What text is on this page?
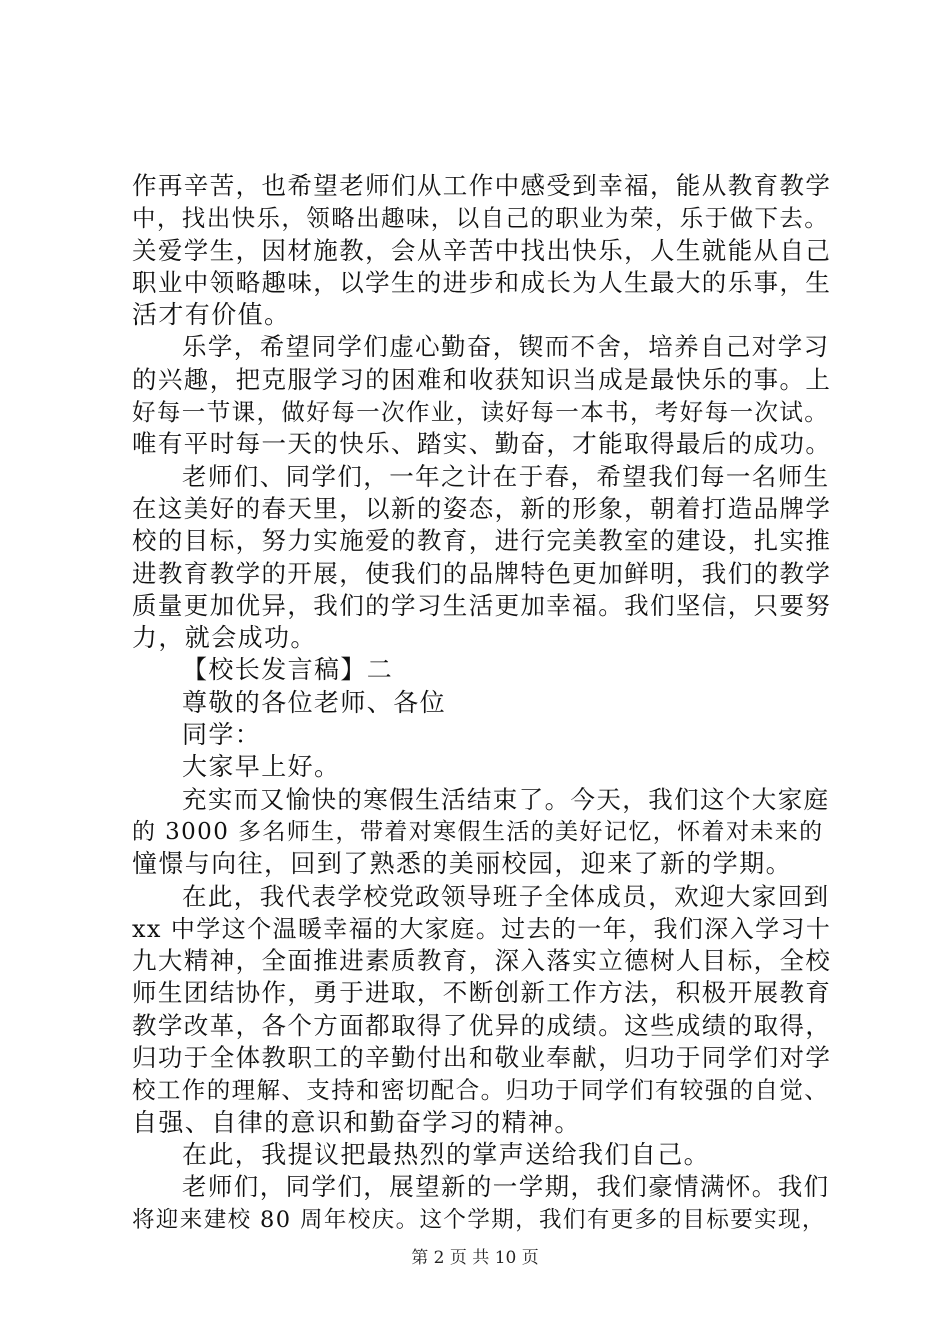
作再辛苦，也希望老师们从工作中感受到幸福，能从教育教学
中，找出快乐，领略出趣味，以自己的职业为荣，乐于做下去。
关爱学生，因材施教，会从辛苦中找出快乐，人生就能从自己
职业中领略趣味，以学生的进步和成长为人生最大的乐事，生
活才有价值。
乐学，希望同学们虚心勤奋，锲而不舍，培养自己对学习
的兴趣，把克服学习的困难和收获知识当成是最快乐的事。上
好每一节课，做好每一次作业，读好每一本书，考好每一次试。
唯有平时每一天的快乐、踏实、勤奋，才能取得最后的成功。
老师们、同学们，一年之计在于春，希望我们每一名师生
在这美好的春天里，以新的姿态，新的形象，朝着打造品牌学
校的目标，努力实施爱的教育，进行完美教室的建设，扎实推
进教育教学的开展，使我们的品牌特色更加鲜明，我们的教学
质量更加优异，我们的学习生活更加幸福。我们坚信，只要努
力，就会成功。
【校长发言稿】二
尊敬的各位老师、各位
同学：
大家早上好。
充实而又愉快的寒假生活结束了。今天，我们这个大家庭
的 3000 多名师生，带着对寒假生活的美好记忆，怀着对未来的
憧憬与向往，回到了熟悉的美丽校园，迎来了新的学期。
在此，我代表学校党政领导班子全体成员，欢迎大家回到
xx 中学这个温暖幸福的大家庭。过去的一年，我们深入学习十
九大精神，全面推进素质教育，深入落实立德树人目标，全校
师生团结协作，勇于进取，不断创新工作方法，积极开展教育
教学改革，各个方面都取得了优异的成绩。这些成绩的取得，
归功于全体教职工的辛勤付出和敬业奉献，归功于同学们对学
校工作的理解、支持和密切配合。归功于同学们有较强的自觉、
自强、自律的意识和勤奋学习的精神。
在此，我提议把最热烈的掌声送给我们自己。
老师们，同学们，展望新的一学期，我们豪情满怀。我们
将迎来建校 80 周年校庆。这个学期，我们有更多的目标要实现，
第 2 页 共 10 页
